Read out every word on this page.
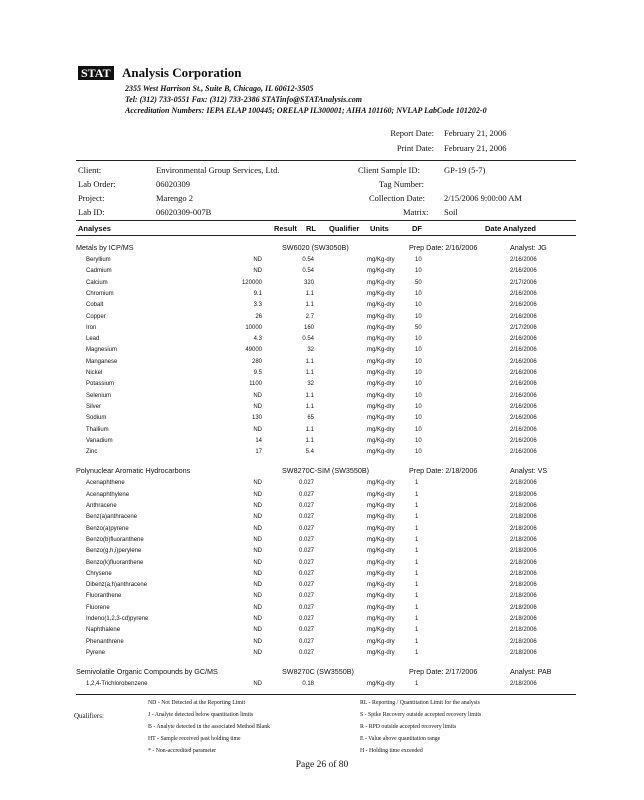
STAT Analysis Corporation
2355 West Harrison St., Suite B, Chicago, IL 60612-3505
Tel: (312) 733-0551 Fax: (312) 733-2386 STATinfo@STATAnalysis.com
Accreditation Numbers: IEPA ELAP 100445; ORELAP IL300001; AIHA 101160; NVLAP LabCode 101202-0
Report Date: February 21, 2006
Print Date: February 21, 2006
Client:	Environmental Group Services, Ltd.
Lab Order:	06020309
Project:	Marengo 2
Lab ID:	06020309-007B
Client Sample ID:	GP-19 (5-7)
Tag Number:
Collection Date: 2/15/2006 9:00:00 AM
Matrix: Soil
Analyses	Result RL Qualifier Units	DF	Date Analyzed
Metals by ICP/MS	SW6020 (SW3050B)	Prep Date: 2/16/2006	Analyst: JG
Beryllium	ND	0.54	mg/Kg-dry	10	2/16/2006
Cadmium	ND	0.54	mg/Kg-dry	10	2/16/2006
Calcium	120000	320	mg/Kg-dry	50	2/17/2006
Chromium	9.1	1.1	mg/Kg-dry	10	2/16/2006
Cobalt	3.3	1.1	mg/Kg-dry	10	2/16/2006
Copper	26	2.7	mg/Kg-dry	10	2/16/2006
Iron	10000	160	mg/Kg-dry	50	2/17/2006
Lead	4.3	0.54	mg/Kg-dry	10	2/16/2006
Magnesium	49000	32	mg/Kg-dry	10	2/16/2006
Manganese	280	1.1	mg/Kg-dry	10	2/16/2006
Nickel	9.5	1.1	mg/Kg-dry	10	2/16/2006
Potassium	1100	32	mg/Kg-dry	10	2/16/2006
Selenium	ND	1.1	mg/Kg-dry	10	2/16/2006
Silver	ND	1.1	mg/Kg-dry	10	2/16/2006
Sodium	130	65	mg/Kg-dry	10	2/16/2006
Thallium	ND	1.1	mg/Kg-dry	10	2/16/2006
Vanadium	14	1.1	mg/Kg-dry	10	2/16/2006
Zinc	17	5.4	mg/Kg-dry	10	2/16/2006
Polynuclear Aromatic Hydrocarbons	SW8270C-SIM (SW3550B)	Prep Date: 2/18/2006	Analyst: VS
Acenaphthene	ND	0.027	mg/Kg-dry	1	2/18/2006
Acenaphthylene	ND	0.027	mg/Kg-dry	1	2/18/2006
Anthracene	ND	0.027	mg/Kg-dry	1	2/18/2006
Benz(a)anthracene	ND	0.027	mg/Kg-dry	1	2/18/2006
Benzo(a)pyrene	ND	0.027	mg/Kg-dry	1	2/18/2006
Benzo(b)fluoranthene	ND	0.027	mg/Kg-dry	1	2/18/2006
Benzo(g,h,i)perylene	ND	0.027	mg/Kg-dry	1	2/18/2006
Benzo(k)fluoranthene	ND	0.027	mg/Kg-dry	1	2/18/2006
Chrysene	ND	0.027	mg/Kg-dry	1	2/18/2006
Dibenz(a,h)anthracene	ND	0.027	mg/Kg-dry	1	2/18/2006
Fluoranthene	ND	0.027	mg/Kg-dry	1	2/18/2006
Fluorene	ND	0.027	mg/Kg-dry	1	2/18/2006
Indeno(1,2,3-cd)pyrene	ND	0.027	mg/Kg-dry	1	2/18/2006
Naphthalene	ND	0.027	mg/Kg-dry	1	2/18/2006
Phenanthrene	ND	0.027	mg/Kg-dry	1	2/18/2006
Pyrene	ND	0.027	mg/Kg-dry	1	2/18/2006
Semivolatile Organic Compounds by GC/MS	SW8270C (SW3550B)	Prep Date: 2/17/2006	Analyst: PAB
1,2,4-Trichlorobenzene	ND	0.18	mg/Kg-dry	1	2/18/2006
Qualifiers:
ND - Not Detected at the Reporting Limit
J - Analyte detected below quantitation limits
B - Analyte detected in the associated Method Blank
HT - Sample received past holding time
* - Non-accredited parameter
RL - Reporting / Quantitation Limit for the analysis
S - Spike Recovery outside accepted recovery limits
R - RPD outside accepted recovery limits
E - Value above quantitation range
H - Holding time exceeded
Page 26 of 80
